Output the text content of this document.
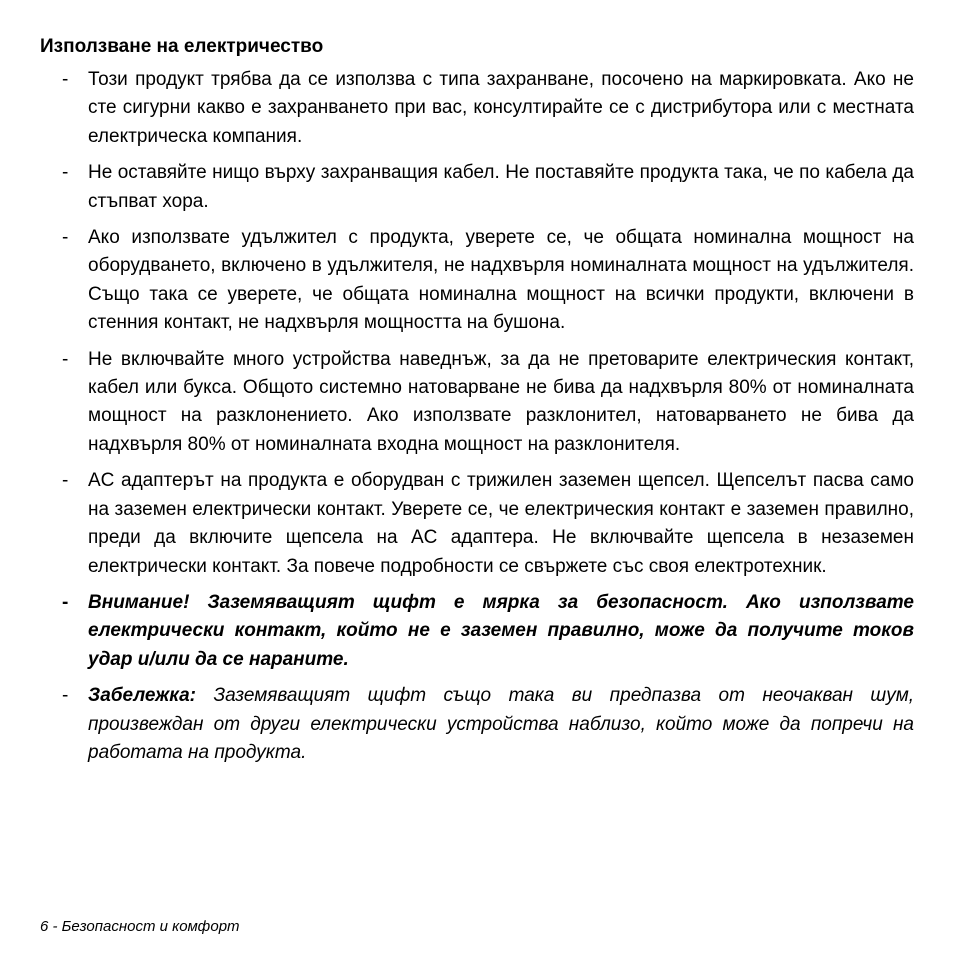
Използване на електричество
- Този продукт трябва да се използва с типа захранване, посочено на маркировката. Ако не сте сигурни какво е захранването при вас, консултирайте се с дистрибутора или с местната електрическа компания.
- Не оставяйте нищо върху захранващия кабел. Не поставяйте продукта така, че по кабела да стъпват хора.
- Ако използвате удължител с продукта, уверете се, че общата номинална мощност на оборудването, включено в удължителя, не надхвърля номиналната мощност на удължителя. Също така се уверете, че общата номинална мощност на всички продукти, включени в стенния контакт, не надхвърля мощността на бушона.
- Не включвайте много устройства наведнъж, за да не претоварите електрическия контакт, кабел или букса. Общото системно натоварване не бива да надхвърля 80% от номиналната мощност на разклонението. Ако използвате разклонител, натоварването не бива да надхвърля 80% от номиналната входна мощност на разклонителя.
- AC адаптерът на продукта е оборудван с трижилен заземен щепсел. Щепселът пасва само на заземен електрически контакт. Уверете се, че електрическия контакт е заземен правилно, преди да включите щепсела на AC адаптера. Не включвайте щепсела в незаземен електрически контакт. За повече подробности се свържете със своя електротехник.
- Внимание! Заземяващият щифт е мярка за безопасност. Ако използвате електрически контакт, който не е заземен правилно, може да получите токов удар и/или да се нараните.
- Забележка: Заземяващият щифт също така ви предпазва от неочакван шум, произвеждан от други електрически устройства наблизо, който може да попречи на работата на продукта.
6 - Безопасност и комфорт
